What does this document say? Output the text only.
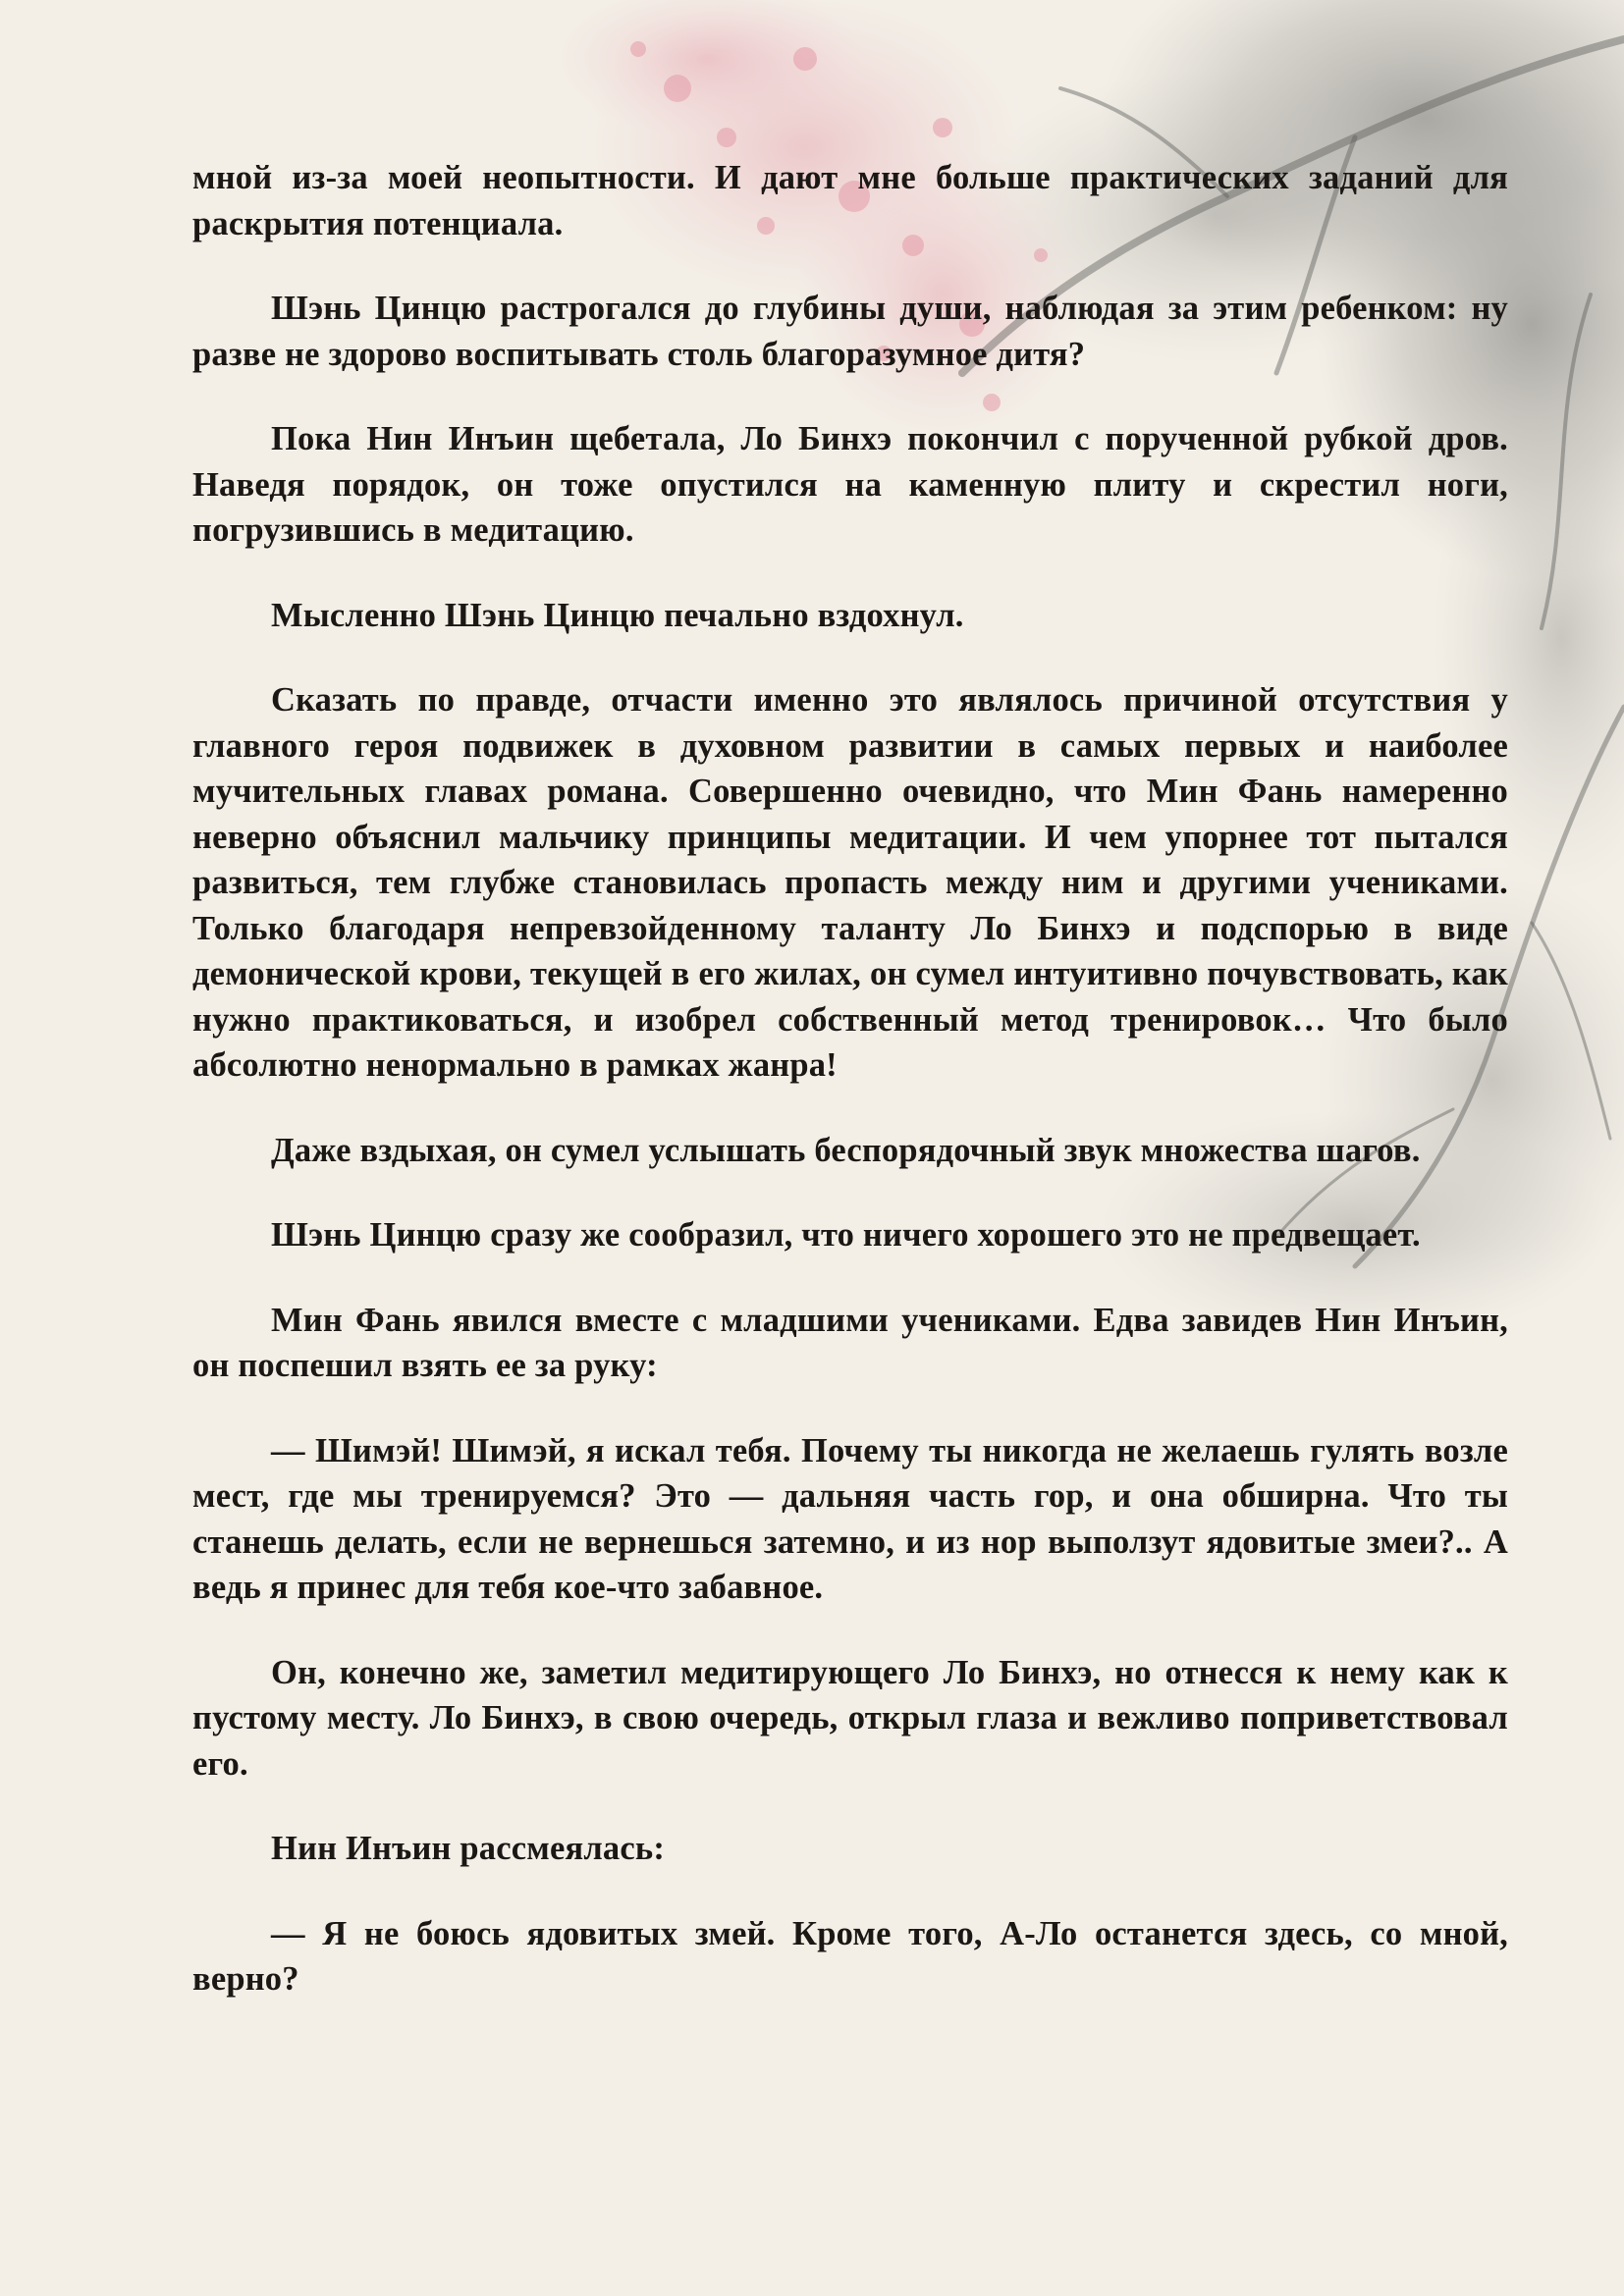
мной из-за моей неопытности. И дают мне больше практических заданий для раскрытия потенциала.

Шэнь Цинцю растрогался до глубины души, наблюдая за этим ребенком: ну разве не здорово воспитывать столь благоразумное дитя?

Пока Нин Инъин щебетала, Ло Бинхэ покончил с порученной рубкой дров. Наведя порядок, он тоже опустился на каменную плиту и скрестил ноги, погрузившись в медитацию.

Мысленно Шэнь Цинцю печально вздохнул.

Сказать по правде, отчасти именно это являлось причиной отсутствия у главного героя подвижек в духовном развитии в самых первых и наиболее мучительных главах романа. Совершенно очевидно, что Мин Фань намеренно неверно объяснил мальчику принципы медитации. И чем упорнее тот пытался развиться, тем глубже становилась пропасть между ним и другими учениками. Только благодаря непревзойденному таланту Ло Бинхэ и подспорью в виде демонической крови, текущей в его жилах, он сумел интуитивно почувствовать, как нужно практиковаться, и изобрел собственный метод тренировок… Что было абсолютно ненормально в рамках жанра!

Даже вздыхая, он сумел услышать беспорядочный звук множества шагов.

Шэнь Цинцю сразу же сообразил, что ничего хорошего это не предвещает.

Мин Фань явился вместе с младшими учениками. Едва завидев Нин Инъин, он поспешил взять ее за руку:

— Шимэй! Шимэй, я искал тебя. Почему ты никогда не желаешь гулять возле мест, где мы тренируемся? Это — дальняя часть гор, и она обширна. Что ты станешь делать, если не вернешься затемно, и из нор выползут ядовитые змеи?.. А ведь я принес для тебя кое-что забавное.

Он, конечно же, заметил медитирующего Ло Бинхэ, но отнесся к нему как к пустому месту. Ло Бинхэ, в свою очередь, открыл глаза и вежливо поприветствовал его.

Нин Инъин рассмеялась:

— Я не боюсь ядовитых змей. Кроме того, А-Ло останется здесь, со мной, верно?
